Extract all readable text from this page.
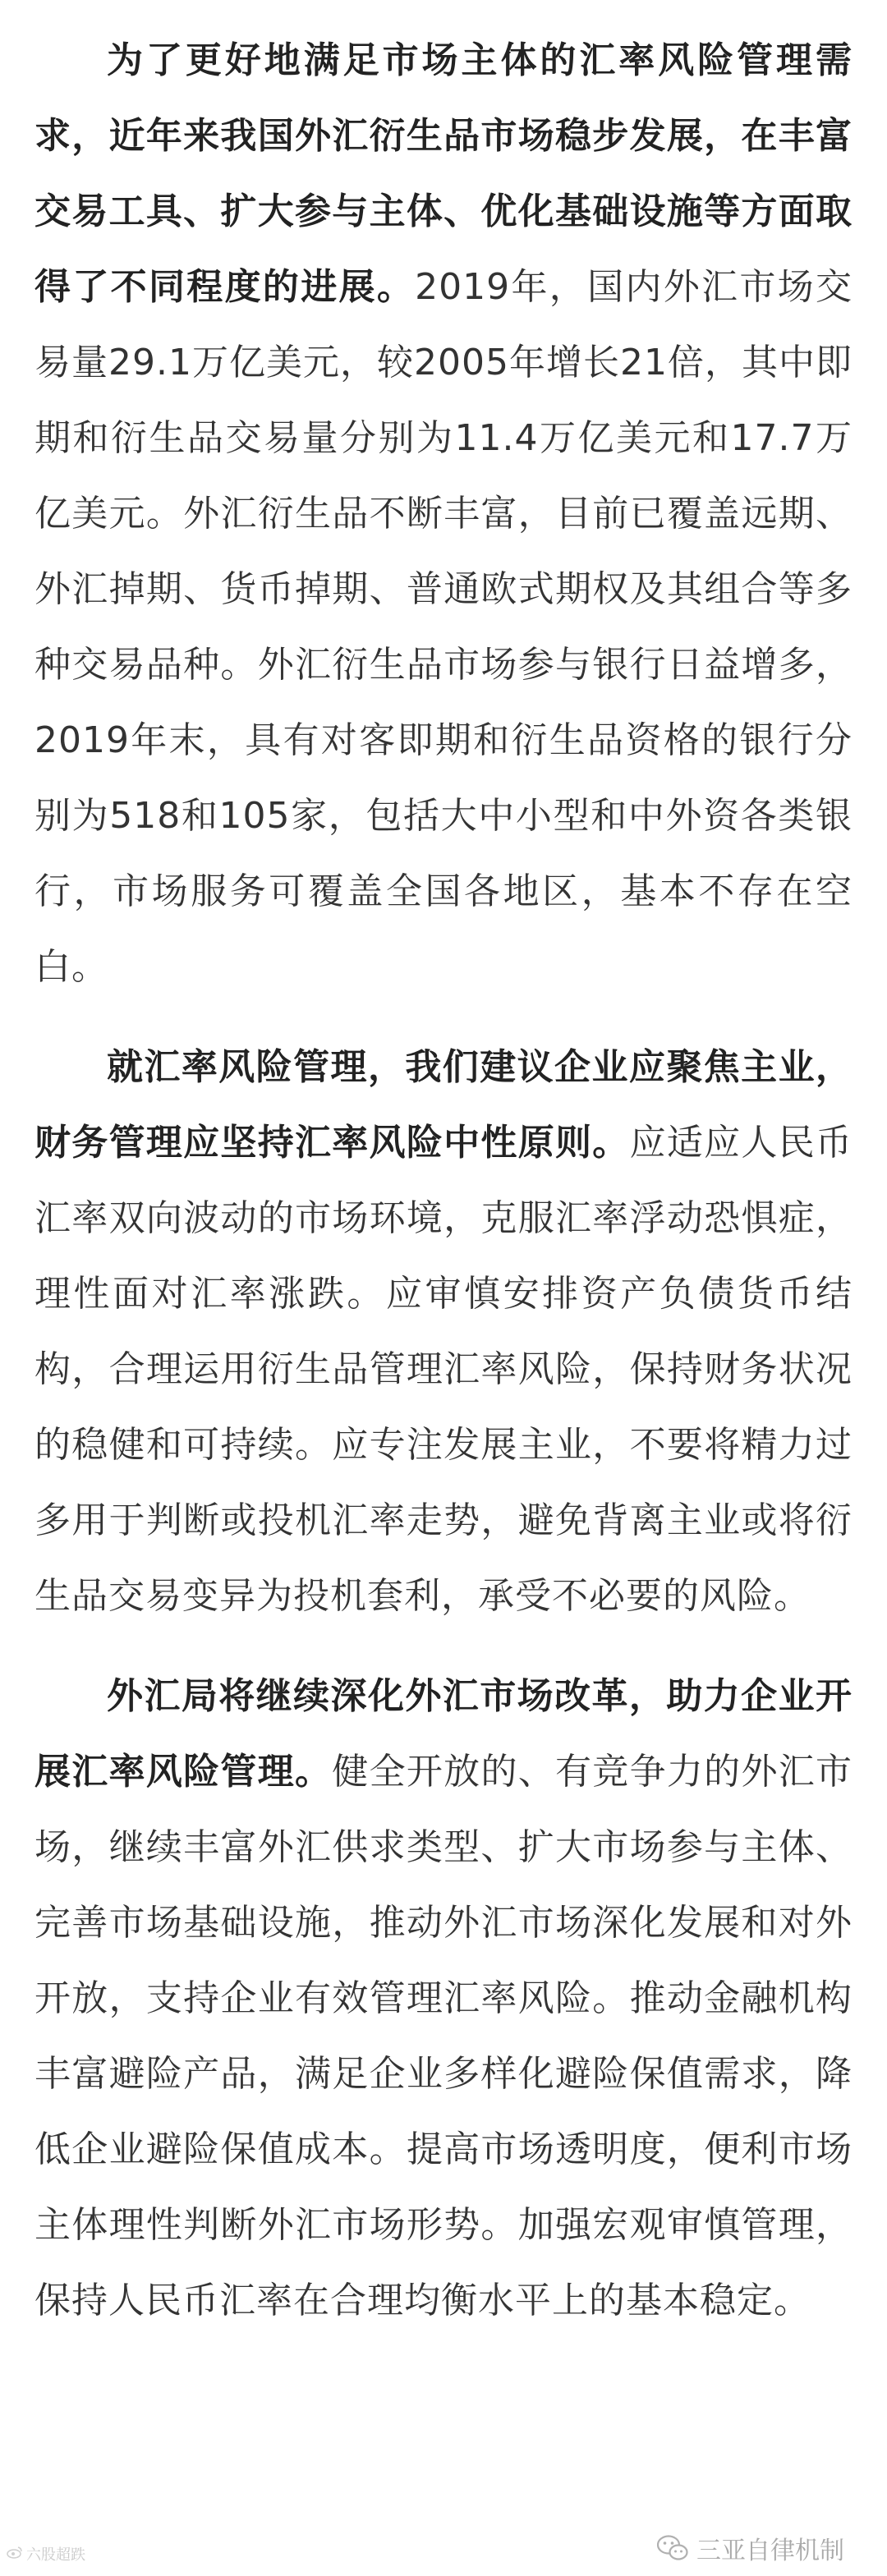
为了更好地满足市场主体的汇率风险管理需求，近年来我国外汇衍生品市场稳步发展，在丰富交易工具、扩大参与主体、优化基础设施等方面取得了不同程度的进展。2019年，国内外汇市场交易量29.1万亿美元，较2005年增长21倍，其中即期和衍生品交易量分别为11.4万亿美元和17.7万亿美元。外汇衍生品不断丰富，目前已覆盖远期、外汇掉期、货币掉期、普通欧式期权及其组合等多种交易品种。外汇衍生品市场参与银行日益增多，2019年末，具有对客即期和衍生品资格的银行分别为518和105家，包括大中小型和中外资各类银行，市场服务可覆盖全国各地区，基本不存在空白。

就汇率风险管理，我们建议企业应聚焦主业，财务管理应坚持汇率风险中性原则。应适应人民币汇率双向波动的市场环境，克服汇率浮动恐惧症，理性面对汇率涨跌。应审慎安排资产负债货币结构，合理运用衍生品管理汇率风险，保持财务状况的稳健和可持续。应专注发展主业，不要将精力过多用于判断或投机汇率走势，避免背离主业或将衍生品交易变异为投机套利，承受不必要的风险。

外汇局将继续深化外汇市场改革，助力企业开展汇率风险管理。健全开放的、有竞争力的外汇市场，继续丰富外汇供求类型、扩大市场参与主体、完善市场基础设施，推动外汇市场深化发展和对外开放，支持企业有效管理汇率风险。推动金融机构丰富避险产品，满足企业多样化避险保值需求，降低企业避险保值成本。提高市场透明度，便利市场主体理性判断外汇市场形势。加强宏观审慎管理，保持人民币汇率在合理均衡水平上的基本稳定。

六股超跌	三亚自律机制
